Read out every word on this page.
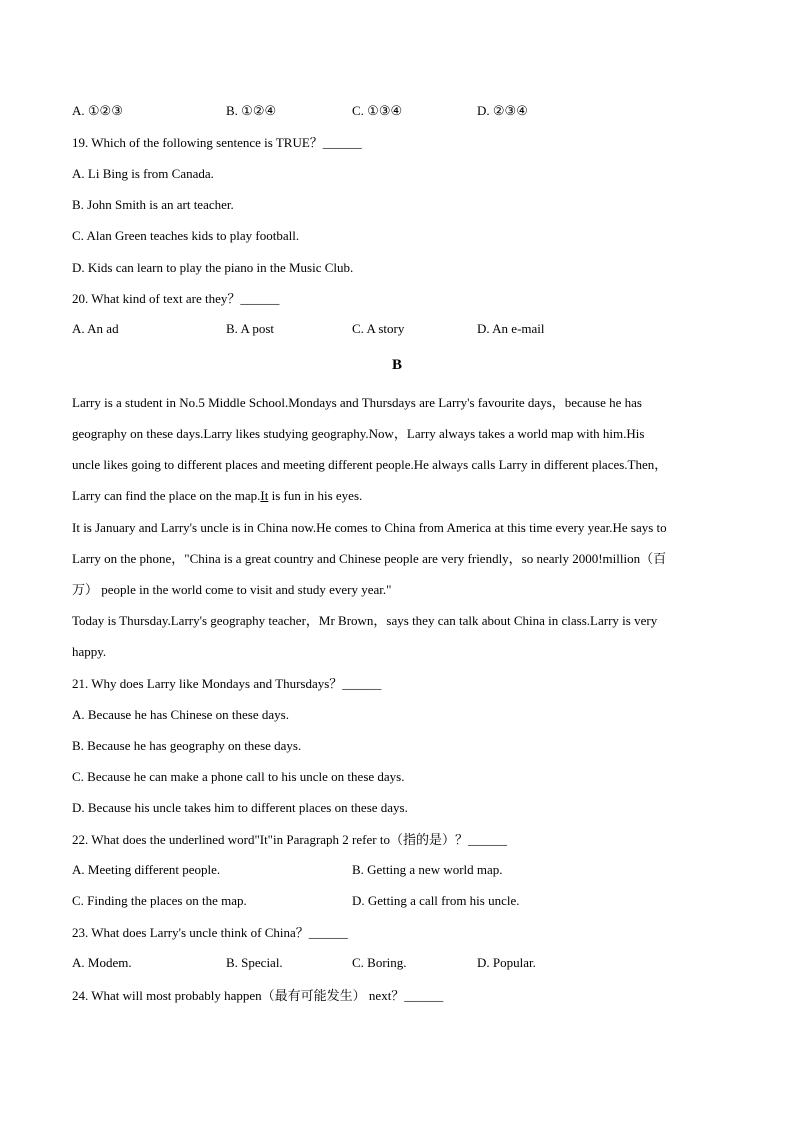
A. ①②③	B. ①②④	C. ①③④	D. ②③④
19. Which of the following sentence is TRUE？______
A. Li Bing is from Canada.
B. John Smith is an art teacher.
C. Alan Green teaches kids to play football.
D. Kids can learn to play the piano in the Music Club.
20. What kind of text are they？______
A. An ad	B. A post	C. A story	D. An e-mail
B
Larry is a student in No.5 Middle School.Mondays and Thursdays are Larry's favourite days，because he has
geography on these days.Larry likes studying geography.Now，Larry always takes a world map with him.His
uncle likes going to different places and meeting different people.He always calls Larry in different places.Then，
Larry can find the place on the map.It is fun in his eyes.
It is January and Larry's uncle is in China now.He comes to China from America at this time every year.He says to
Larry on the phone，"China is a great country and Chinese people are very friendly，so nearly 2000!million（百
万） people in the world come to visit and study every year."
Today is Thursday.Larry's geography teacher，Mr Brown，says they can talk about China in class.Larry is very
happy.
21. Why does Larry like Mondays and Thursdays？______
A. Because he has Chinese on these days.
B. Because he has geography on these days.
C. Because he can make a phone call to his uncle on these days.
D. Because his uncle takes him to different places on these days.
22. What does the underlined word"It"in Paragraph 2 refer to（指的是）？______
A. Meeting different people.	B. Getting a new world map.
C. Finding the places on the map.	D. Getting a call from his uncle.
23. What does Larry's uncle think of China？______
A. Modem.	B. Special.	C. Boring.	D. Popular.
24. What will most probably happen（最有可能发生） next？______
